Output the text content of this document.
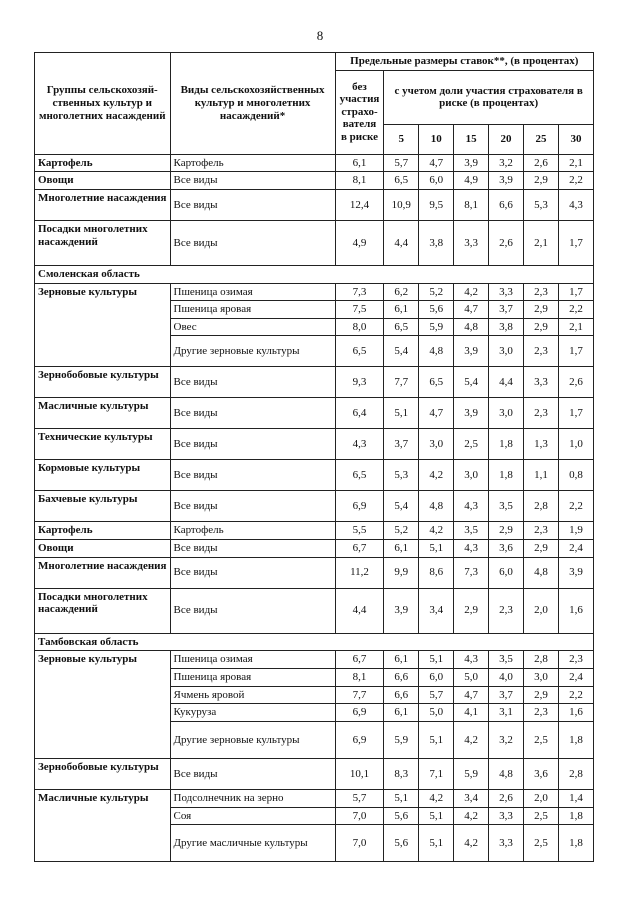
8
Группы сельскохозяй-ственных культур и многолетних насаждений	Виды сельскохозяйственных культур и многолетних насаждений*	Предельные размеры ставок**, (в процентах)						
		без участия страхо-вателя в риске	с учетом доли участия страхователя в риске (в процентах)					
			5	10	15	20	25	30
Картофель	Картофель	6,1	5,7	4,7	3,9	3,2	2,6	2,1
Овощи	Все виды	8,1	6,5	6,0	4,9	3,9	2,9	2,2
Многолетние насаждения	Все виды	12,4	10,9	9,5	8,1	6,6	5,3	4,3
Посадки многолетних насаждений	Все виды	4,9	4,4	3,8	3,3	2,6	2,1	1,7
Смоленская область								
Зерновые культуры	Пшеница озимая	7,3	6,2	5,2	4,2	3,3	2,3	1,7
	Пшеница яровая	7,5	6,1	5,6	4,7	3,7	2,9	2,2
	Овес	8,0	6,5	5,9	4,8	3,8	2,9	2,1
	Другие зерновые культуры	6,5	5,4	4,8	3,9	3,0	2,3	1,7
Зернобобовые культуры	Все виды	9,3	7,7	6,5	5,4	4,4	3,3	2,6
Масличные культуры	Все виды	6,4	5,1	4,7	3,9	3,0	2,3	1,7
Технические культуры	Все виды	4,3	3,7	3,0	2,5	1,8	1,3	1,0
Кормовые культуры	Все виды	6,5	5,3	4,2	3,0	1,8	1,1	0,8
Бахчевые культуры	Все виды	6,9	5,4	4,8	4,3	3,5	2,8	2,2
Картофель	Картофель	5,5	5,2	4,2	3,5	2,9	2,3	1,9
Овощи	Все виды	6,7	6,1	5,1	4,3	3,6	2,9	2,4
Многолетние насаждения	Все виды	11,2	9,9	8,6	7,3	6,0	4,8	3,9
Посадки многолетних насаждений	Все виды	4,4	3,9	3,4	2,9	2,3	2,0	1,6
Тамбовская область								
Зерновые культуры	Пшеница озимая	6,7	6,1	5,1	4,3	3,5	2,8	2,3
	Пшеница яровая	8,1	6,6	6,0	5,0	4,0	3,0	2,4
	Ячмень яровой	7,7	6,6	5,7	4,7	3,7	2,9	2,2
	Кукуруза	6,9	6,1	5,0	4,1	3,1	2,3	1,6
	Другие зерновые культуры	6,9	5,9	5,1	4,2	3,2	2,5	1,8
Зернобобовые культуры	Все виды	10,1	8,3	7,1	5,9	4,8	3,6	2,8
Масличные культуры	Подсолнечник на зерно	5,7	5,1	4,2	3,4	2,6	2,0	1,4
	Соя	7,0	5,6	5,1	4,2	3,3	2,5	1,8
	Другие масличные культуры	7,0	5,6	5,1	4,2	3,3	2,5	1,8
